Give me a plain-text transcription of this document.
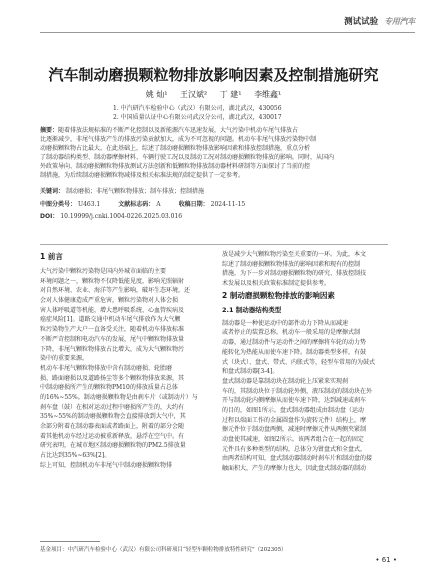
测试试验 专用汽车
汽车制动磨损颗粒物排放影响因素及控制措施研究
姚 灿¹ 王汉斌² 丁 建¹ 李维鑫¹
1. 中汽研汽车检验中心（武汉）有限公司，湖北武汉，430056
2. 中国质量认证中心有限公司武汉分公司，湖北武汉，430017
摘要：随着排放法规标准的不断严化控制以及新能源汽车迅速发展，大气污染中机动车尾气排放占
比逐渐减少，非尾气排放产生的排放污染贡献加大，成为不可忽视的问题。机动车非尾气排放污染物中制
动磨损颗粒物占比最大。在此基础上，综述了制动磨损颗粒物排放影响因素和排放控制措施，重点分析
了制动器结构类型、制动器摩擦材料、车辆行驶工况以及制动工况对制动磨损颗粒物排放的影响。同时，从国内
外政策导向、制动磨损颗粒物排放测试方法创新和低颗粒物排放制动器材料研制等方面探讨了当前的控
制措施，为后续制动磨损颗粒物减排及相关标准法规的制定提供了一定参考。
关键词： 制动磨损；非尾气颗粒物排放；制车排放；控制措施
中图分类号： U463.1	文献标志码： A	收稿日期： 2024-11-15
DOI： 10.19999/j.cnki.1004-0226.2025.03.016
1 前言
大气污染中颗粒污染物是国内外城市面临的主要
环境问题之一，颗粒物不仅降低能见度，影响光照辐射
对自然环境、农业、海洋等产生影响，破坏生态环境，还
会对人体健康造成严重危害，颗粒污染物对人体会损
害人体呼吸道等机能，增大患呼吸系统、心血管疾病及
癌症风险[1]。道路交通中机动车尾气排放作为大气颗
粒污染物生产大户一直备受关注，随着机动车排放标准
不断严苛控制和电动汽车的发展，尾气中颗粒物排放量
下降，非尾气颗粒物排放占比增大，成为大气颗粒物污
染中的重要来源。
机动车非尾气颗粒物排放中含有制动磨损、轮胎磨
损、路面磨损以及道路扬尘等多个颗粒物排放来源，其
中制动磨损所产生的颗粒物PM10的排放质量占总体
的16%~55%。制动磨损颗粒物是由刹车片（或制动片）与
刹车盘（鼓）在相对运动过程中磨损所产生的，大约有
35%~55%的制动磨损颗粒物会直接排放到大气中，其
余部分附着在制动器表面或者路面上，附着的部分会随
着其他机动车经过运动被重新释放，悬浮在空气中。有
研究表明，在城市地区制动磨损颗粒物的PM2.5排放量
占比达到35%~63%[2]。
综上可知，控制机动车非尾气中制动磨损颗粒物排
放是减少大气颗粒物污染至关重要的一环。为此，本文
综述了制动磨损颗粒物排放的影响因素和现有的控制
措施，为下一步对制动磨损颗粒物的研究、排放控制技
术发展以及相关政策标准制定提供参考。
2 制动磨损颗粒物排放的影响因素
2.1 制动器结构类型
制动器是一种使运动中的部件动力下降从而减速
或者停止的装置总称。机动车一般采用的是摩擦式制
动器，通过制动件与运动件之间的摩擦将车轮的动力势
能转化为热能从而使车速下降。制动器类型多样，有鼓
式（块式）、盘式、带式、内胀式等，轻型车常用的为鼓式
和盘式制动器[3-4]。
盘式制动器是靠制动块在制动轮上压紧来实现刹
车的，其制动块位于制动轮外侧，液压制动的制动块在外
开与制动轮内侧摩擦从而使车速下降，达到减速或刹车
的目的，如图1所示。盘式制动器组成由制动盘（运动
过程以端面工作的金属圆盘作为旋转元件）结构上，摩
擦元件位于制动盘两侧，减速时摩擦元件从两侧夹紧制
动盘使其减速，如图2所示。该两者组合在一起的固定
元件具有多种类型的结构，总体分为钳盘式和全盘式，
由两者结构可知，盘式制动器制动时刹车片和制动盘的接
触面积大，产生的摩擦力也大，因此盘式制动器的制动
基金项目：中汽研汽车检验中心（武汉）有限公司科研项目“轻型车颗粒物排放特性研究”（202305）
• 61 •
